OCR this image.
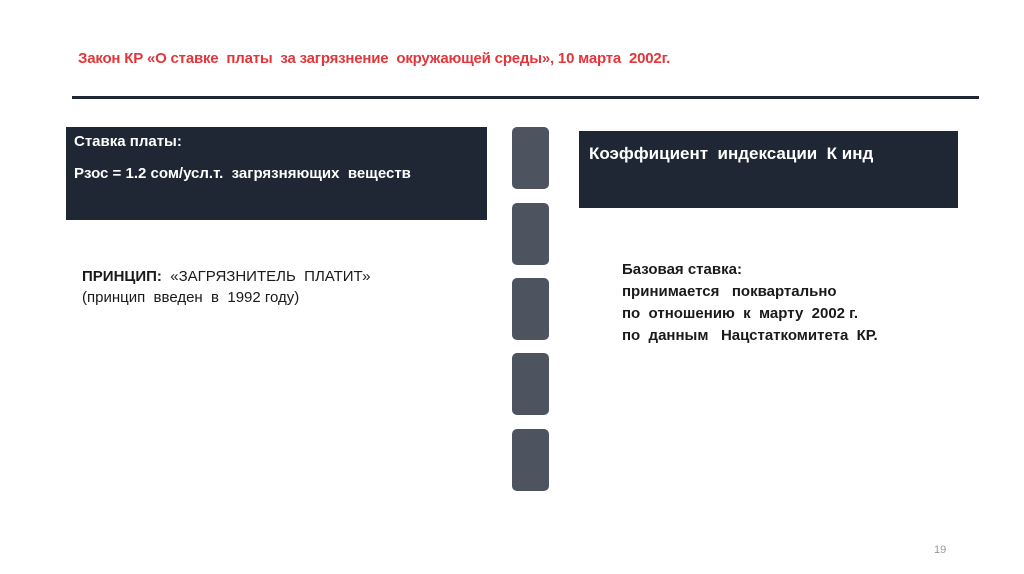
Закон КР «О ставке  платы  за загрязнение  окружающей среды», 10 марта  2002г.
Ставка платы:
Рзос = 1.2 сом/усл.т.  загрязняющих  веществ
Коэффициент  индексации  К инд
ПРИНЦИП:  «ЗАГРЯЗНИТЕЛЬ  ПЛАТИТ»
(принцип  введен  в  1992 году)
Базовая ставка:
принимается   поквартально
по  отношению  к  марту  2002 г.
по  данным   Нацстаткомитета  КР.
19
